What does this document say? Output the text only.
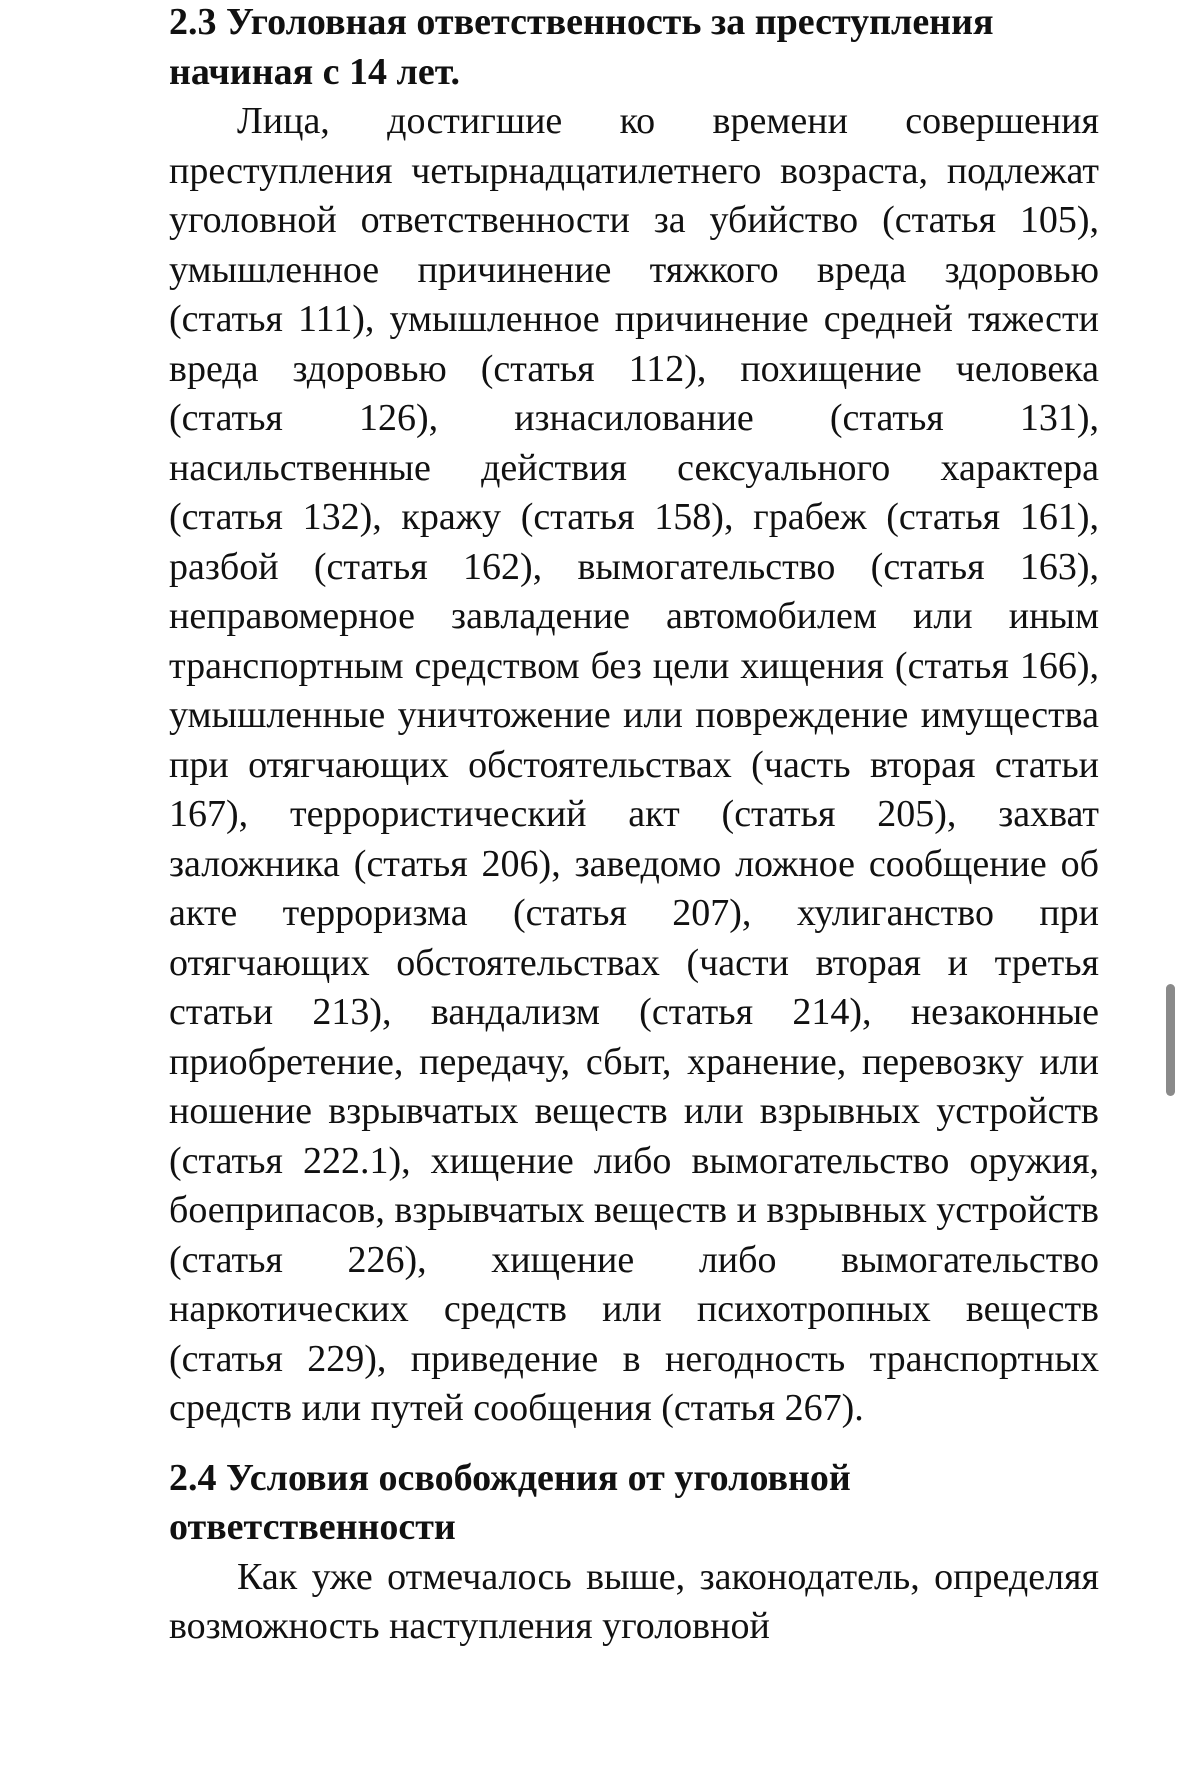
2.3 Уголовная ответственность за преступления начиная с 14 лет.

Лица, достигшие ко времени совершения преступления четырнадцатилетнего возраста, подлежат уголовной ответственности за убийство (статья 105), умышленное причинение тяжкого вреда здоровью (статья 111), умышленное причинение средней тяжести вреда здоровью (статья 112), похищение человека (статья 126), изнасилование (статья 131), насильственные действия сексуального характера (статья 132), кражу (статья 158), грабеж (статья 161), разбой (статья 162), вымогательство (статья 163), неправомерное завладение автомобилем или иным транспортным средством без цели хищения (статья 166), умышленные уничтожение или повреждение имущества при отягчающих обстоятельствах (часть вторая статьи 167), террористический акт (статья 205), захват заложника (статья 206), заведомо ложное сообщение об акте терроризма (статья 207), хулиганство при отягчающих обстоятельствах (части вторая и третья статьи 213), вандализм (статья 214), незаконные приобретение, передачу, сбыт, хранение, перевозку или ношение взрывчатых веществ или взрывных устройств (статья 222.1), хищение либо вымогательство оружия, боеприпасов, взрывчатых веществ и взрывных устройств (статья 226), хищение либо вымогательство наркотических средств или психотропных веществ (статья 229), приведение в негодность транспортных средств или путей сообщения (статья 267).

2.4 Условия освобождения от уголовной ответственности

Как уже отмечалось выше, законодатель, определяя возможность наступления уголовной
